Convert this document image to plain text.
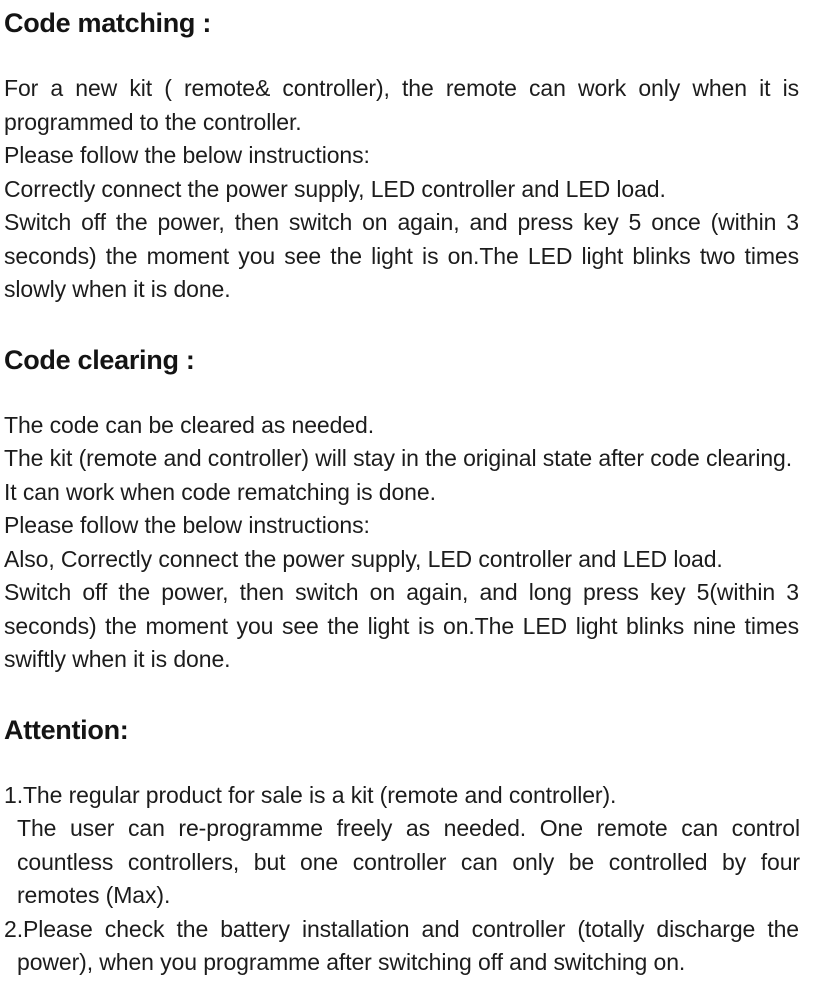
Code matching :
For a new kit ( remote& controller), the remote can work only when it is
programmed to the controller.
Please follow the below instructions:
Correctly connect the power supply, LED controller and LED load.
Switch off the power, then switch on again, and press key 5 once (within 3
seconds) the moment you see the light is on.The LED light blinks two times
slowly when it is done.
Code clearing :
The code can be cleared as needed.
The kit (remote and controller) will stay in the original state after code clearing.
It can work when code rematching is done.
Please follow the below instructions:
Also, Correctly connect the power supply, LED controller and LED load.
Switch off the power, then switch on again, and long press key 5(within 3
seconds) the moment you see the light is on.The LED light blinks nine times
swiftly when it is done.
Attention:
1.The regular product for sale is a kit (remote and controller).
The user can re-programme freely as needed. One remote can control
countless controllers, but one controller can only be controlled by four
remotes (Max).
2.Please check the battery installation and controller (totally discharge the
power), when you programme after switching off and switching on.
